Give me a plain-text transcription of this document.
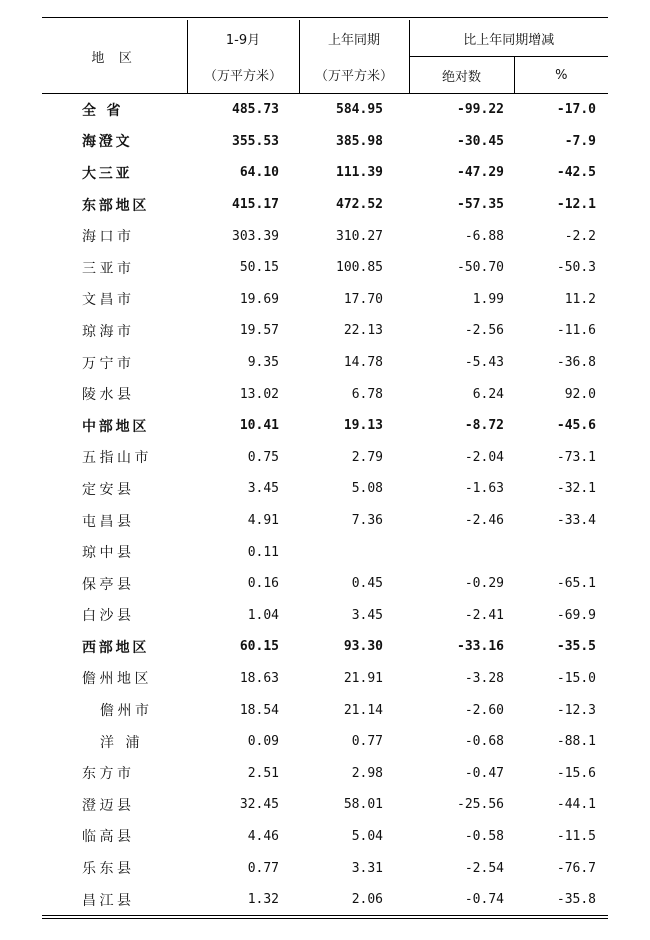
地 区	1-9月	上年同期	比上年同期增减	
	（万平方米）	（万平方米）	绝对数	%
全 省	485.73	584.95	-99.22	-17.0
海澄文	355.53	385.98	-30.45	-7.9
大三亚	64.10	111.39	-47.29	-42.5
东部地区	415.17	472.52	-57.35	-12.1
海口市	303.39	310.27	-6.88	-2.2
三亚市	50.15	100.85	-50.70	-50.3
文昌市	19.69	17.70	1.99	11.2
琼海市	19.57	22.13	-2.56	-11.6
万宁市	9.35	14.78	-5.43	-36.8
陵水县	13.02	6.78	6.24	92.0
中部地区	10.41	19.13	-8.72	-45.6
五指山市	0.75	2.79	-2.04	-73.1
定安县	3.45	5.08	-1.63	-32.1
屯昌县	4.91	7.36	-2.46	-33.4
琼中县	0.11			
保亭县	0.16	0.45	-0.29	-65.1
白沙县	1.04	3.45	-2.41	-69.9
西部地区	60.15	93.30	-33.16	-35.5
儋州地区	18.63	21.91	-3.28	-15.0
儋州市	18.54	21.14	-2.60	-12.3
洋 浦	0.09	0.77	-0.68	-88.1
东方市	2.51	2.98	-0.47	-15.6
澄迈县	32.45	58.01	-25.56	-44.1
临高县	4.46	5.04	-0.58	-11.5
乐东县	0.77	3.31	-2.54	-76.7
昌江县	1.32	2.06	-0.74	-35.8
